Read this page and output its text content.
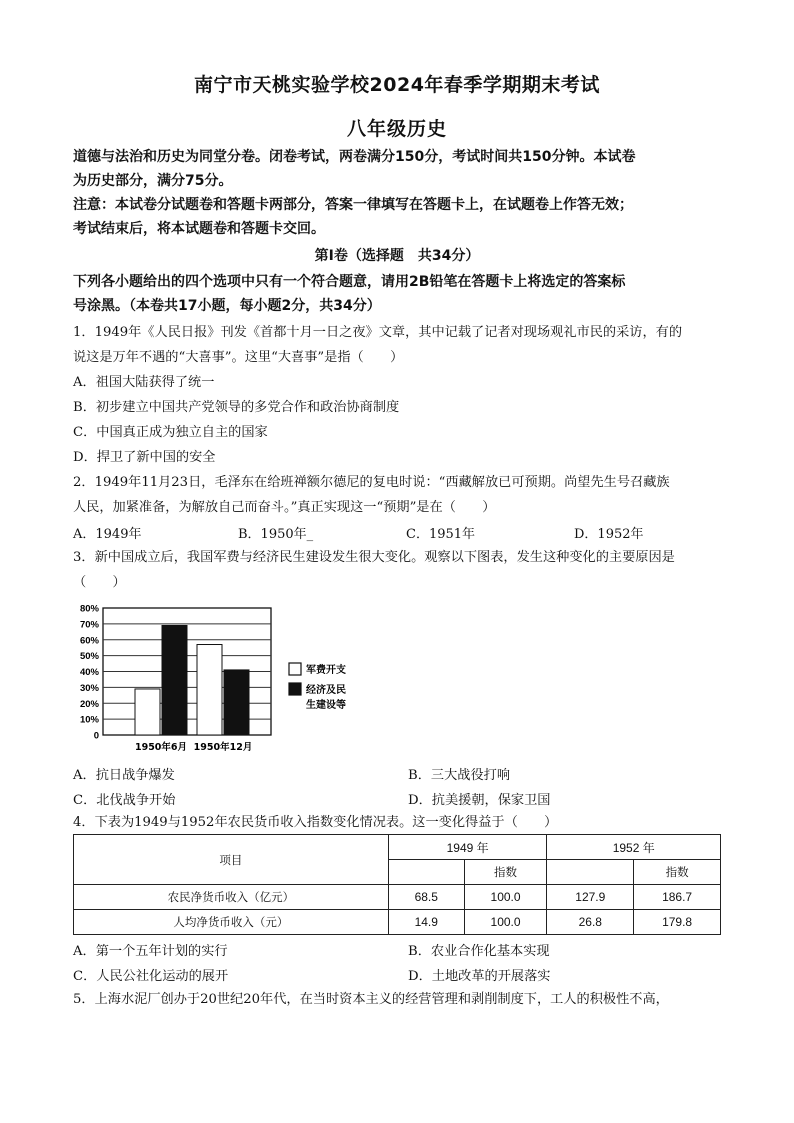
南宁市天桃实验学校2024年春季学期期末考试
八年级历史
道德与法治和历史为同堂分卷。闭卷考试，两卷满分150分，考试时间共150分钟。本试卷
为历史部分，满分75分。
注意：本试卷分试题卷和答题卡两部分，答案一律填写在答题卡上，在试题卷上作答无效；
考试结束后，将本试题卷和答题卡交回。
第Ⅰ卷（选择题　共34分）
下列各小题给出的四个选项中只有一个符合题意，请用2B铅笔在答题卡上将选定的答案标
号涂黑。（本卷共17小题，每小题2分，共34分）
1．1949年《人民日报》刊发《首都十月一日之夜》文章，其中记载了记者对现场观礼市民的采访，有的
说这是万年不遇的“大喜事”。这里“大喜事”是指（　　）
A．祖国大陆获得了统一
B．初步建立中国共产党领导的多党合作和政治协商制度
C．中国真正成为独立自主的国家
D．捍卫了新中国的安全
2．1949年11月23日，毛泽东在给班禅额尔德尼的复电时说：“西藏解放已可预期。尚望先生号召藏族
人民，加紧准备，为解放自己而奋斗。”真正实现这一“预期”是在（　　）
A．1949年	B．1950年_	C．1951年	D．1952年
3．新中国成立后，我国军费与经济民生建设发生很大变化。观察以下图表，发生这种变化的主要原因是
（　　）
80%
70%
60%
50%
40%
30%
20%
10%
0
1950年6月 1950年12月
军费开支
经济及民
生建设等
A．抗日战争爆发	B．三大战役打响
C．北伐战争开始	D．抗美援朝，保家卫国
4．下表为1949与1952年农民货币收入指数变化情况表。这一变化得益于（　　）
项目	1949 年		1952 年	
		指数		指数
农民净货币收入（亿元）	68.5	100.0	127.9	186.7
人均净货币收入（元）	14.9	100.0	26.8	179.8
A．第一个五年计划的实行	B．农业合作化基本实现
C．人民公社化运动的展开	D．土地改革的开展落实
5．上海水泥厂创办于20世纪20年代，在当时资本主义的经营管理和剥削制度下，工人的积极性不高，
